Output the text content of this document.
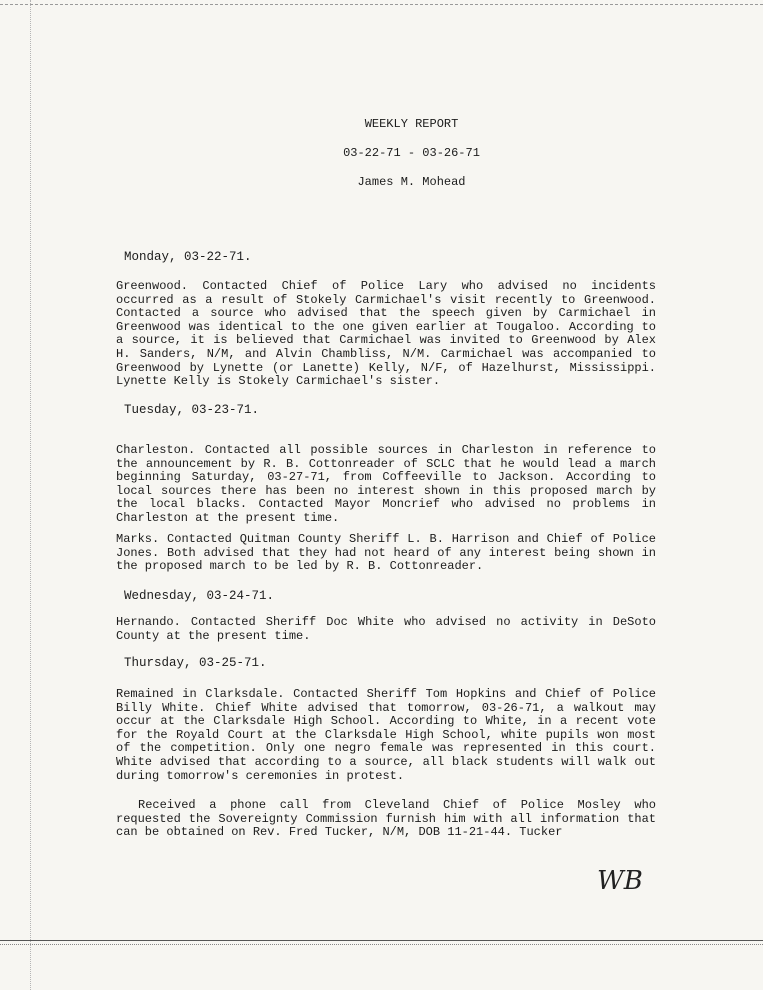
WEEKLY REPORT
03-22-71 - 03-26-71
James M. Mohead
Monday, 03-22-71.
Greenwood. Contacted Chief of Police Lary who advised no incidents occurred as a result of Stokely Carmichael's visit recently to Greenwood. Contacted a source who advised that the speech given by Carmichael in Greenwood was identical to the one given earlier at Tougaloo. According to a source, it is believed that Carmichael was invited to Greenwood by Alex H. Sanders, N/M, and Alvin Chambliss, N/M. Carmichael was accompanied to Greenwood by Lynette (or Lanette) Kelly, N/F, of Hazelhurst, Mississippi. Lynette Kelly is Stokely Carmichael's sister.
Tuesday, 03-23-71.
Charleston. Contacted all possible sources in Charleston in reference to the announcement by R. B. Cottonreader of SCLC that he would lead a march beginning Saturday, 03-27-71, from Coffeeville to Jackson. According to local sources there has been no interest shown in this proposed march by the local blacks. Contacted Mayor Moncrief who advised no problems in Charleston at the present time.
Marks. Contacted Quitman County Sheriff L. B. Harrison and Chief of Police Jones. Both advised that they had not heard of any interest being shown in the proposed march to be led by R. B. Cottonreader.
Wednesday, 03-24-71.
Hernando. Contacted Sheriff Doc White who advised no activity in DeSoto County at the present time.
Thursday, 03-25-71.
Remained in Clarksdale. Contacted Sheriff Tom Hopkins and Chief of Police Billy White. Chief White advised that tomorrow, 03-26-71, a walkout may occur at the Clarksdale High School. According to White, in a recent vote for the Royald Court at the Clarksdale High School, white pupils won most of the competition. Only one negro female was represented in this court. White advised that according to a source, all black students will walk out during tomorrow's ceremonies in protest.
Received a phone call from Cleveland Chief of Police Mosley who requested the Sovereignty Commission furnish him with all information that can be obtained on Rev. Fred Tucker, N/M, DOB 11-21-44. Tucker
WB
